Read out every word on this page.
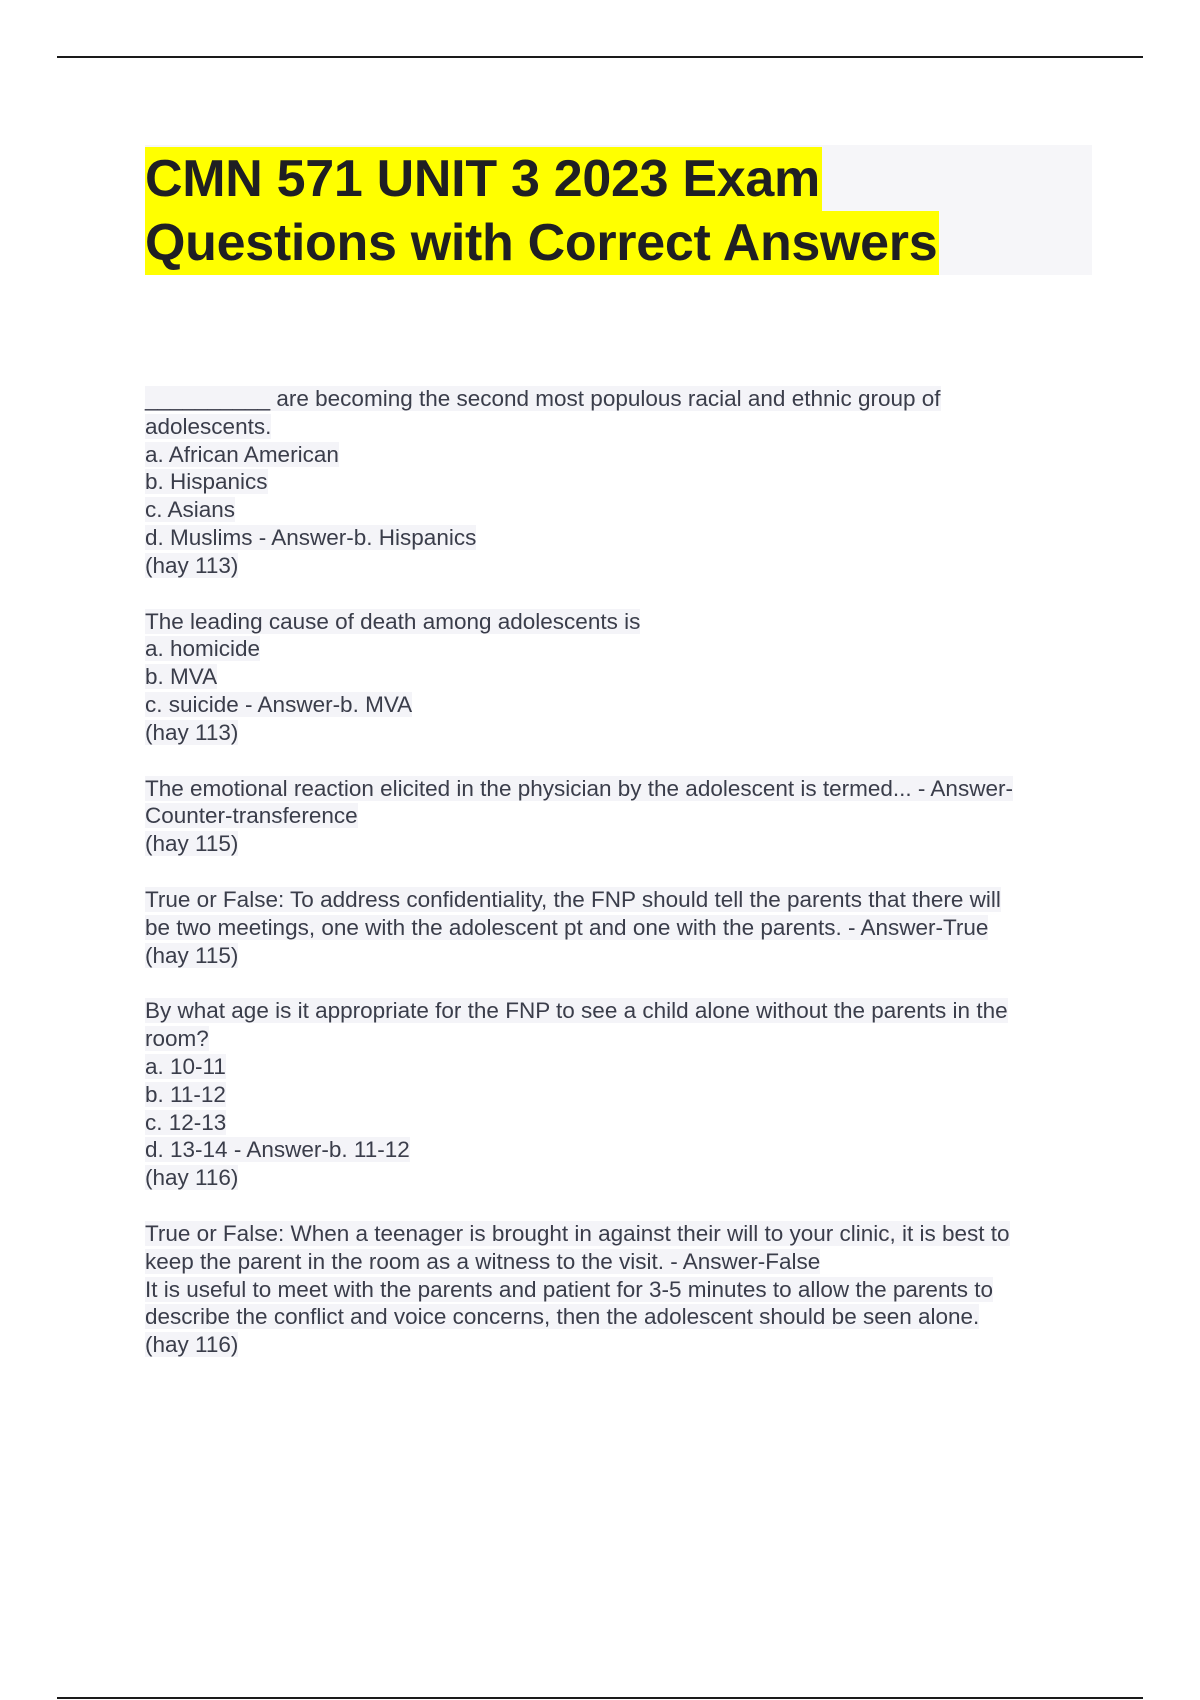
CMN 571 UNIT 3 2023 Exam
Questions with Correct Answers
__________ are becoming the second most populous racial and ethnic group of
adolescents.
a. African American
b. Hispanics
c. Asians
d. Muslims - Answer-b. Hispanics
(hay 113)
The leading cause of death among adolescents is
a. homicide
b. MVA
c. suicide - Answer-b. MVA
(hay 113)
The emotional reaction elicited in the physician by the adolescent is termed... - Answer-
Counter-transference
(hay 115)
True or False: To address confidentiality, the FNP should tell the parents that there will
be two meetings, one with the adolescent pt and one with the parents. - Answer-True
(hay 115)
By what age is it appropriate for the FNP to see a child alone without the parents in the
room?
a. 10-11
b. 11-12
c. 12-13
d. 13-14 - Answer-b. 11-12
(hay 116)
True or False: When a teenager is brought in against their will to your clinic, it is best to
keep the parent in the room as a witness to the visit. - Answer-False
It is useful to meet with the parents and patient for 3-5 minutes to allow the parents to
describe the conflict and voice concerns, then the adolescent should be seen alone.
(hay 116)
